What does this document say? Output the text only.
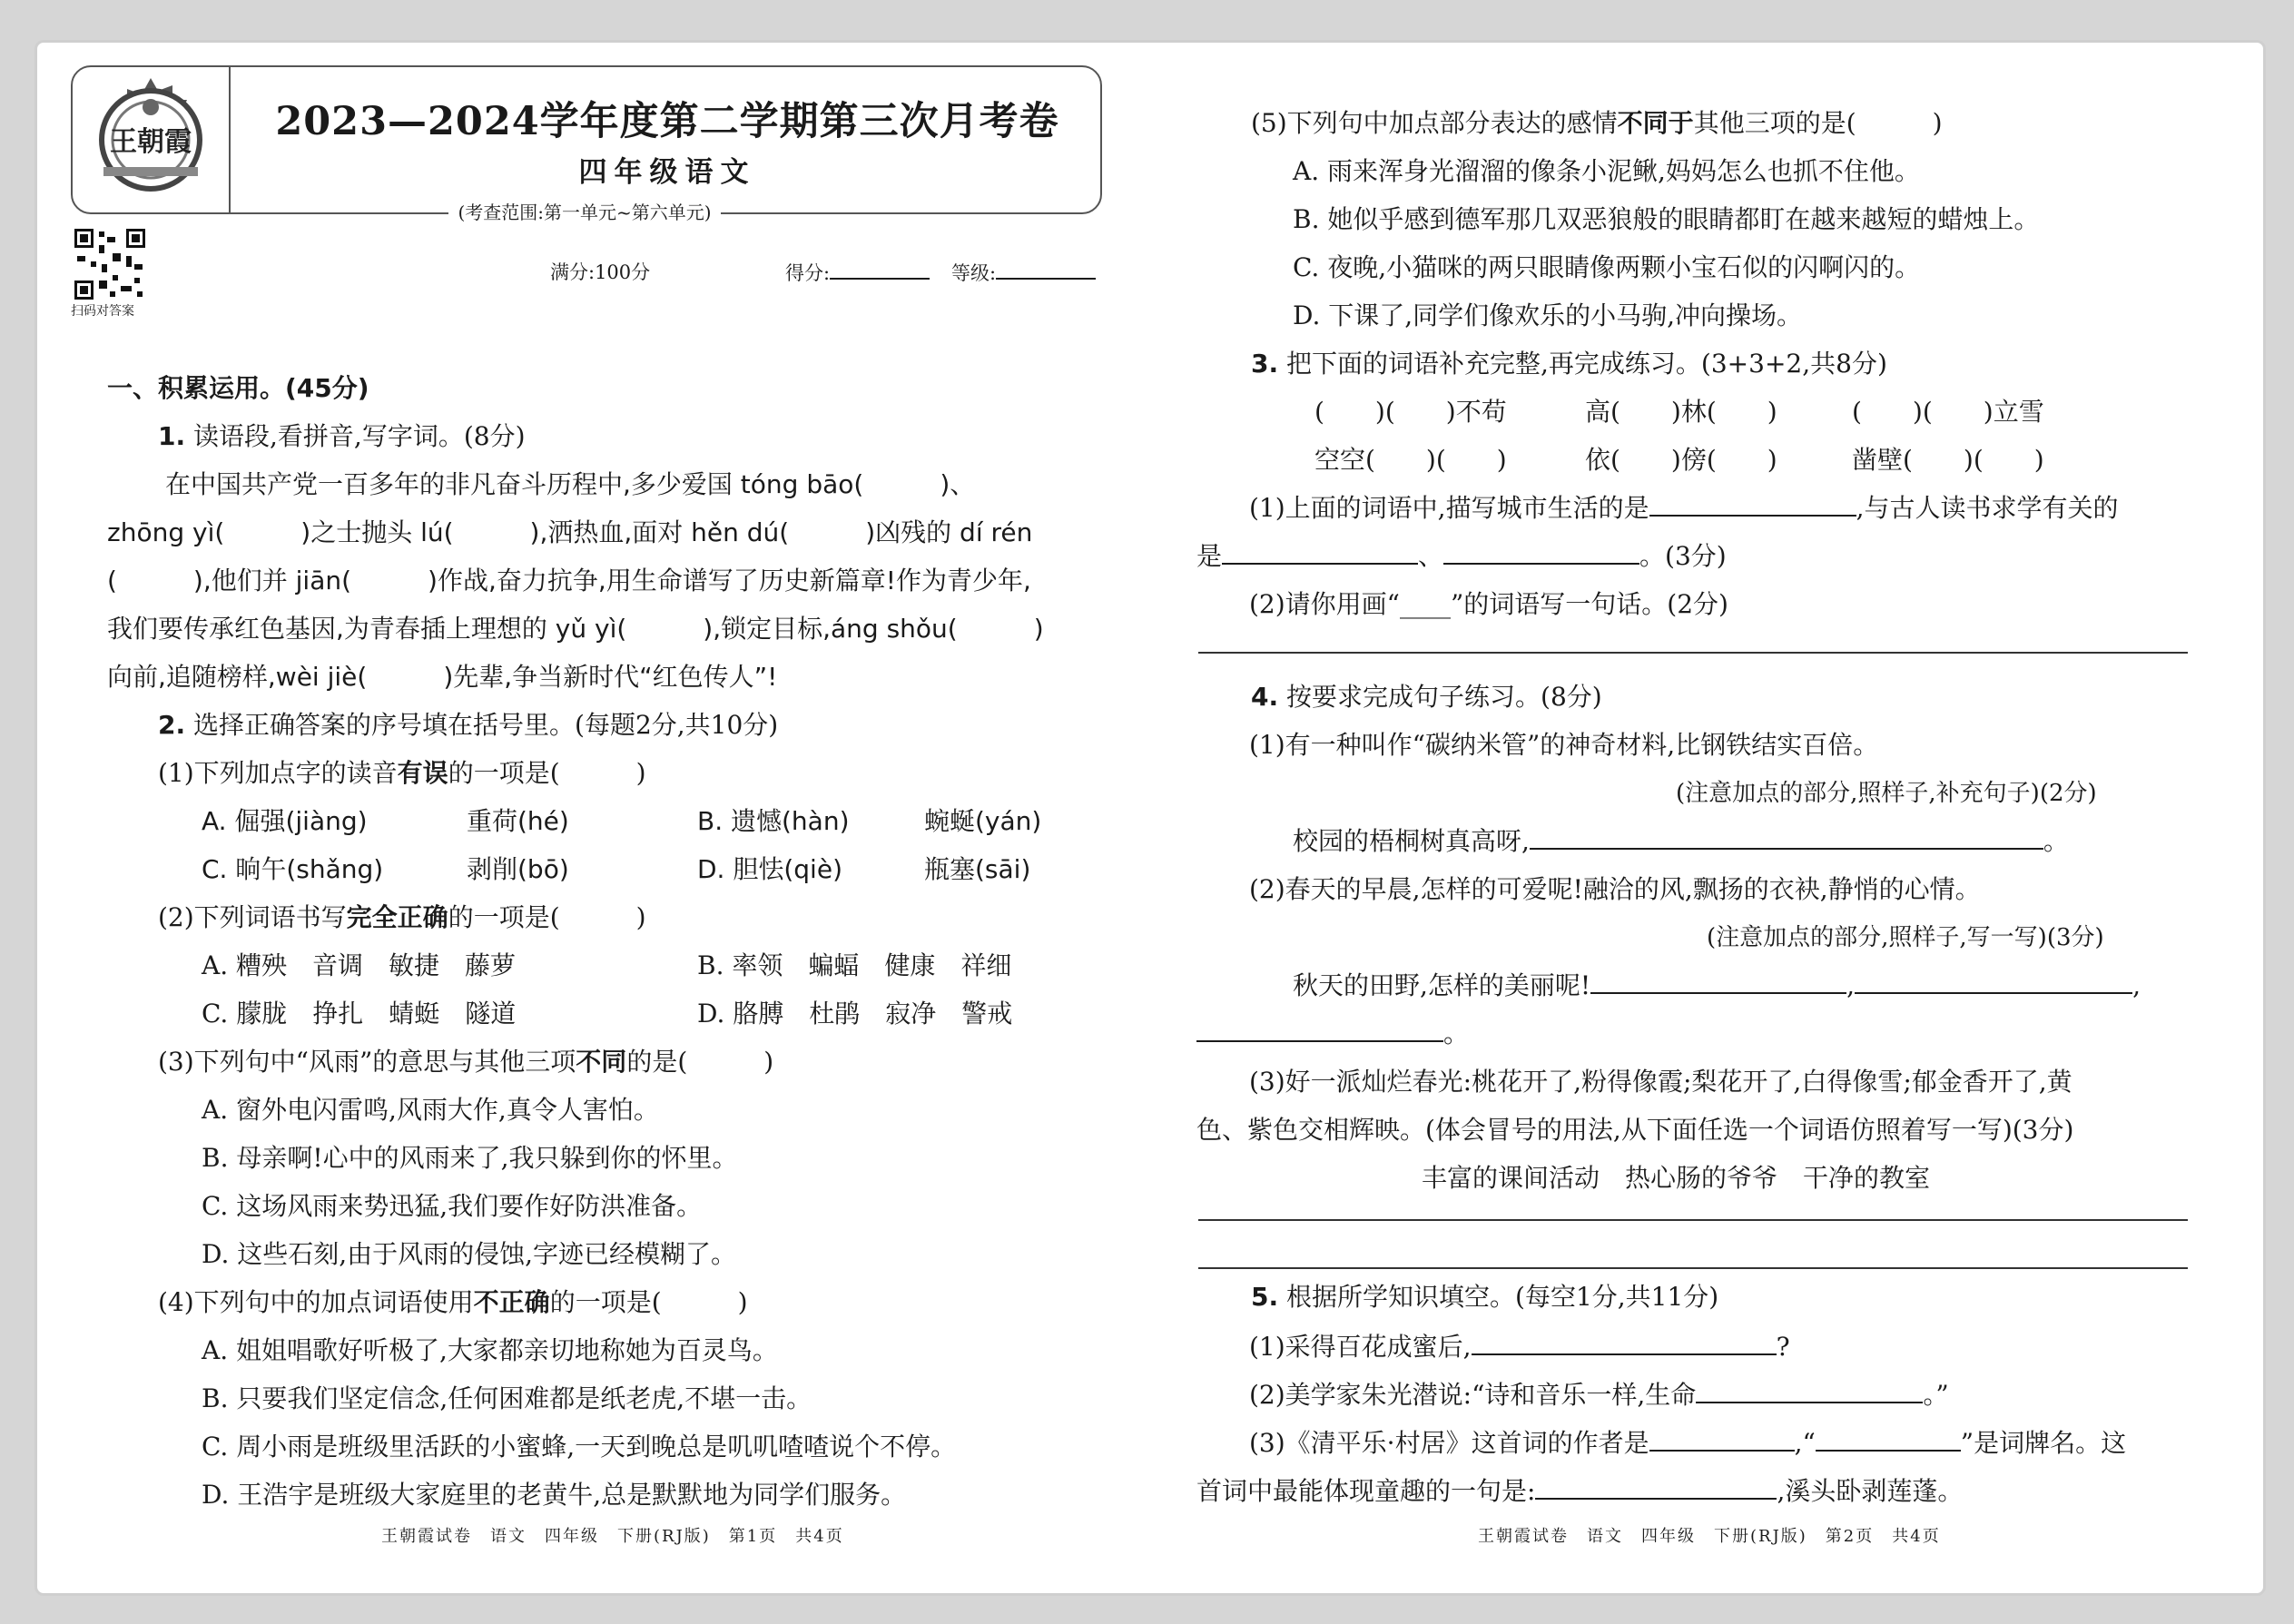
王朝霞	2023—2024学年度第二学期第三次月考卷
四年级语文
(考查范围:第一单元~第六单元)
扫码对答案
满分:100分	得分:	等级:
一、积累运用。(45分)
1. 读语段,看拼音,写字词。(8分)
在中国共产党一百多年的非凡奋斗历程中,多少爱国 tóng bāo(　　　)、
zhōng yì(　　　)之士抛头 lú(　　　),洒热血,面对 hěn dú(　　　)凶残的 dí rén
(　　　),他们并 jiān(　　　)作战,奋力抗争,用生命谱写了历史新篇章!作为青少年,
我们要传承红色基因,为青春插上理想的 yǔ yì(　　　),锁定目标,áng shǒu(　　　)
向前,追随榜样,wèi jiè(　　　)先辈,争当新时代“红色传人”!
2. 选择正确答案的序号填在括号里。(每题2分,共10分)
(1)下列加点字的读音有误的一项是(　　　)
A. 倔强(jiàng)	重荷(hé)	B. 遗憾(hàn)	蜿蜒(yán)
C. 晌午(shǎng)	剥削(bō)	D. 胆怯(qiè)	瓶塞(sāi)
(2)下列词语书写完全正确的一项是(　　　)
A. 糟殃　音调　敏捷　藤萝	B. 率领　蝙蝠　健康　祥细
C. 朦胧　挣扎　蜻蜓　隧道	D. 胳膊　杜鹃　寂净　警戒
(3)下列句中“风雨”的意思与其他三项不同的是(　　　)
A. 窗外电闪雷鸣,风雨大作,真令人害怕。
B. 母亲啊!心中的风雨来了,我只躲到你的怀里。
C. 这场风雨来势迅猛,我们要作好防洪准备。
D. 这些石刻,由于风雨的侵蚀,字迹已经模糊了。
(4)下列句中的加点词语使用不正确的一项是(　　　)
A. 姐姐唱歌好听极了,大家都亲切地称她为百灵鸟。
B. 只要我们坚定信念,任何困难都是纸老虎,不堪一击。
C. 周小雨是班级里活跃的小蜜蜂,一天到晚总是叽叽喳喳说个不停。
D. 王浩宇是班级大家庭里的老黄牛,总是默默地为同学们服务。
王朝霞试卷　语文　四年级　下册(RJ版)　第1页　共4页
(5)下列句中加点部分表达的感情不同于其他三项的是(　　　)
A. 雨来浑身光溜溜的像条小泥鳅,妈妈怎么也抓不住他。
B. 她似乎感到德军那几双恶狼般的眼睛都盯在越来越短的蜡烛上。
C. 夜晚,小猫咪的两只眼睛像两颗小宝石似的闪啊闪的。
D. 下课了,同学们像欢乐的小马驹,冲向操场。
3. 把下面的词语补充完整,再完成练习。(3+3+2,共8分)
(　　)(　　)不苟	高(　　)林(　　)	(　　)(　　)立雪
空空(　　)(　　)	依(　　)傍(　　)	凿壁(　　)(　　)
(1)上面的词语中,描写城市生活的是	,与古人读书求学有关的
是	、	。(3分)
(2)请你用画“____”的词语写一句话。(2分)
4. 按要求完成句子练习。(8分)
(1)有一种叫作“碳纳米管”的神奇材料,比钢铁结实百倍。
(注意加点的部分,照样子,补充句子)(2分)
校园的梧桐树真高呀,	。
(2)春天的早晨,怎样的可爱呢!融洽的风,飘扬的衣袂,静悄的心情。
(注意加点的部分,照样子,写一写)(3分)
秋天的田野,怎样的美丽呢!	,	,
。
(3)好一派灿烂春光:桃花开了,粉得像霞;梨花开了,白得像雪;郁金香开了,黄
色、紫色交相辉映。(体会冒号的用法,从下面任选一个词语仿照着写一写)(3分)
丰富的课间活动　热心肠的爷爷　干净的教室
5. 根据所学知识填空。(每空1分,共11分)
(1)采得百花成蜜后,	?
(2)美学家朱光潜说:“诗和音乐一样,生命	。”
(3)《清平乐·村居》这首词的作者是	,“	”是词牌名。这
首词中最能体现童趣的一句是:	,溪头卧剥莲蓬。
王朝霞试卷　语文　四年级　下册(RJ版)　第2页　共4页
